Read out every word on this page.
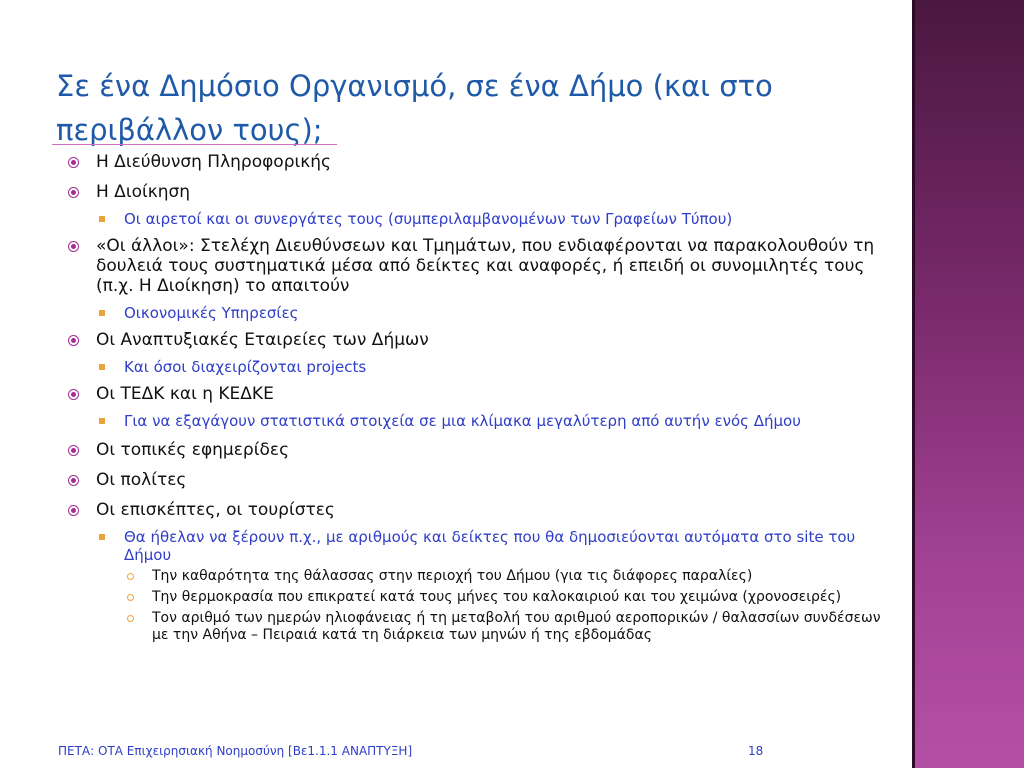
Σε ένα Δημόσιο Οργανισμό, σε ένα Δήμο (και στο περιβάλλον τους);
Η Διεύθυνση Πληροφορικής
Η Διοίκηση
Οι αιρετοί και οι συνεργάτες τους (συμπεριλαμβανομένων των Γραφείων Τύπου)
«Οι άλλοι»: Στελέχη Διευθύνσεων και Τμημάτων, που ενδιαφέρονται να παρακολουθούν τη δουλειά τους συστηματικά μέσα από δείκτες και αναφορές, ή επειδή οι συνομιλητές τους (π.χ. Η Διοίκηση) το απαιτούν
Οικονομικές Υπηρεσίες
Οι Αναπτυξιακές Εταιρείες των Δήμων
Και όσοι διαχειρίζονται projects
Οι ΤΕΔΚ και η ΚΕΔΚΕ
Για να εξαγάγουν στατιστικά στοιχεία σε μια κλίμακα μεγαλύτερη από αυτήν ενός Δήμου
Οι τοπικές εφημερίδες
Οι πολίτες
Οι επισκέπτες, οι τουρίστες
Θα ήθελαν να ξέρουν π.χ., με αριθμούς και δείκτες που θα δημοσιεύονται αυτόματα στο site του Δήμου
Την καθαρότητα της θάλασσας στην περιοχή του Δήμου (για τις διάφορες παραλίες)
Την θερμοκρασία που επικρατεί κατά τους μήνες του καλοκαιριού και του χειμώνα (χρονοσειρές)
Τον αριθμό των ημερών ηλιοφάνειας ή τη μεταβολή του αριθμού αεροπορικών / θαλασσίων συνδέσεων με την Αθήνα – Πειραιά κατά τη διάρκεια των μηνών ή της εβδομάδας
ΠΕΤΑ: ΟΤΑ Επιχειρησιακή Νοημοσύνη [Βε1.1.1 ΑΝΑΠΤΥΞΗ]	18
